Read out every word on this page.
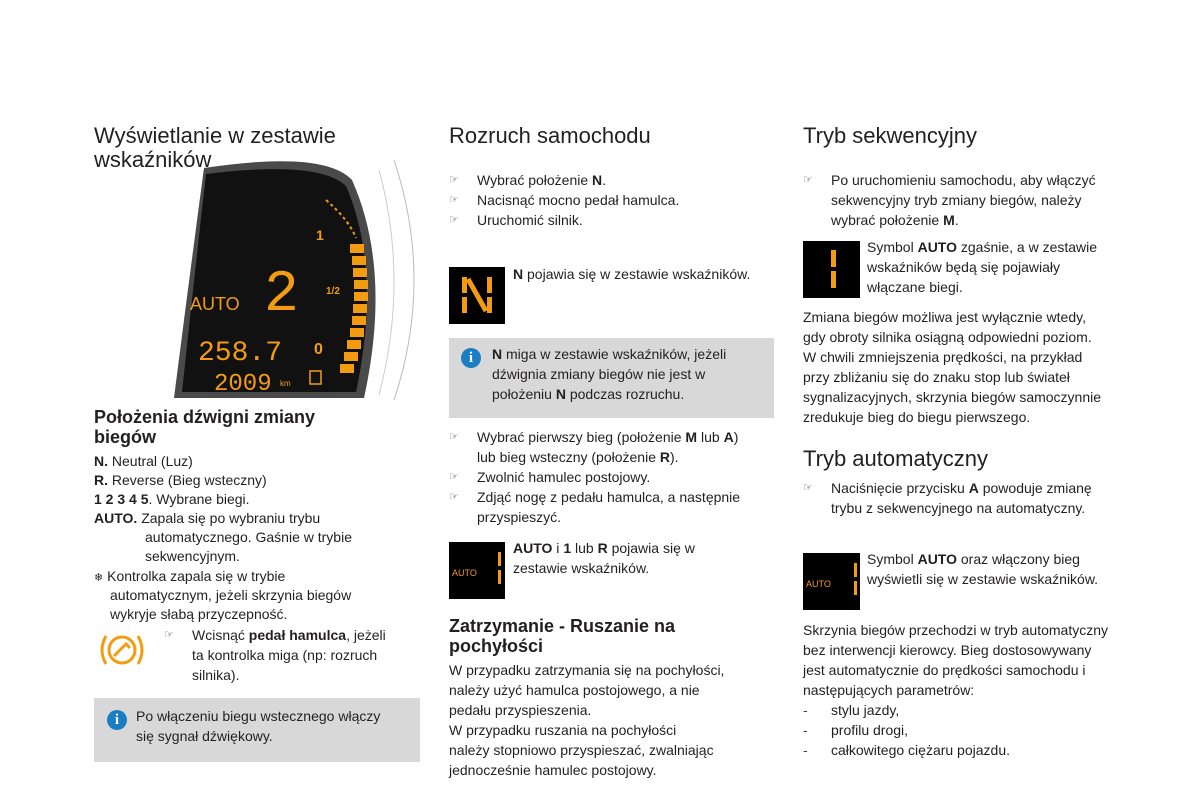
Wyświetlanie w zestawie
wskaźników
1
1/2
0
AUTO 2
258.7
2009 km
Położenia dźwigni zmiany
biegów
N. Neutral (Luz)
R. Reverse (Bieg wsteczny)
1 2 3 4 5. Wybrane biegi.
AUTO. Zapala się po wybraniu trybu
automatycznego. Gaśnie w trybie
sekwencyjnym.
❄ Kontrolka zapala się w trybie
automatycznym, jeżeli skrzynia biegów
wykryje słabą przyczepność.
☞ Wcisnąć pedał hamulca, jeżeli
ta kontrolka miga (np: rozruch
silnika).
i	Po włączeniu biegu wstecznego włączy
się sygnał dźwiękowy.
Rozruch samochodu
☞ Wybrać położenie N.
☞ Nacisnąć mocno pedał hamulca.
☞ Uruchomić silnik.
N pojawia się w zestawie wskaźników.
i	N miga w zestawie wskaźników, jeżeli
dźwignia zmiany biegów nie jest w
położeniu N podczas rozruchu.
☞ Wybrać pierwszy bieg (położenie M lub A)
lub bieg wsteczny (położenie R).
☞ Zwolnić hamulec postojowy.
☞ Zdjąć nogę z pedału hamulca, a następnie
przyspieszyć.
AUTO
AUTO i 1 lub R pojawia się w
zestawie wskaźników.
Zatrzymanie - Ruszanie na
pochyłości
W przypadku zatrzymania się na pochyłości,
należy użyć hamulca postojowego, a nie
pedału przyspieszenia.
W przypadku ruszania na pochyłości
należy stopniowo przyspieszać, zwalniając
jednocześnie hamulec postojowy.
Tryb sekwencyjny
☞ Po uruchomieniu samochodu, aby włączyć
sekwencyjny tryb zmiany biegów, należy
wybrać położenie M.
Symbol AUTO zgaśnie, a w zestawie
wskaźników będą się pojawiały
włączane biegi.
Zmiana biegów możliwa jest wyłącznie wtedy,
gdy obroty silnika osiągną odpowiedni poziom.
W chwili zmniejszenia prędkości, na przykład
przy zbliżaniu się do znaku stop lub świateł
sygnalizacyjnych, skrzynia biegów samoczynnie
zredukuje bieg do biegu pierwszego.
Tryb automatyczny
☞ Naciśnięcie przycisku A powoduje zmianę
trybu z sekwencyjnego na automatyczny.
AUTO
Symbol AUTO oraz włączony bieg
wyświetli się w zestawie wskaźników.
Skrzynia biegów przechodzi w tryb automatyczny
bez interwencji kierowcy. Bieg dostosowywany
jest automatycznie do prędkości samochodu i
następujących parametrów:
- stylu jazdy,
- profilu drogi,
- całkowitego ciężaru pojazdu.
